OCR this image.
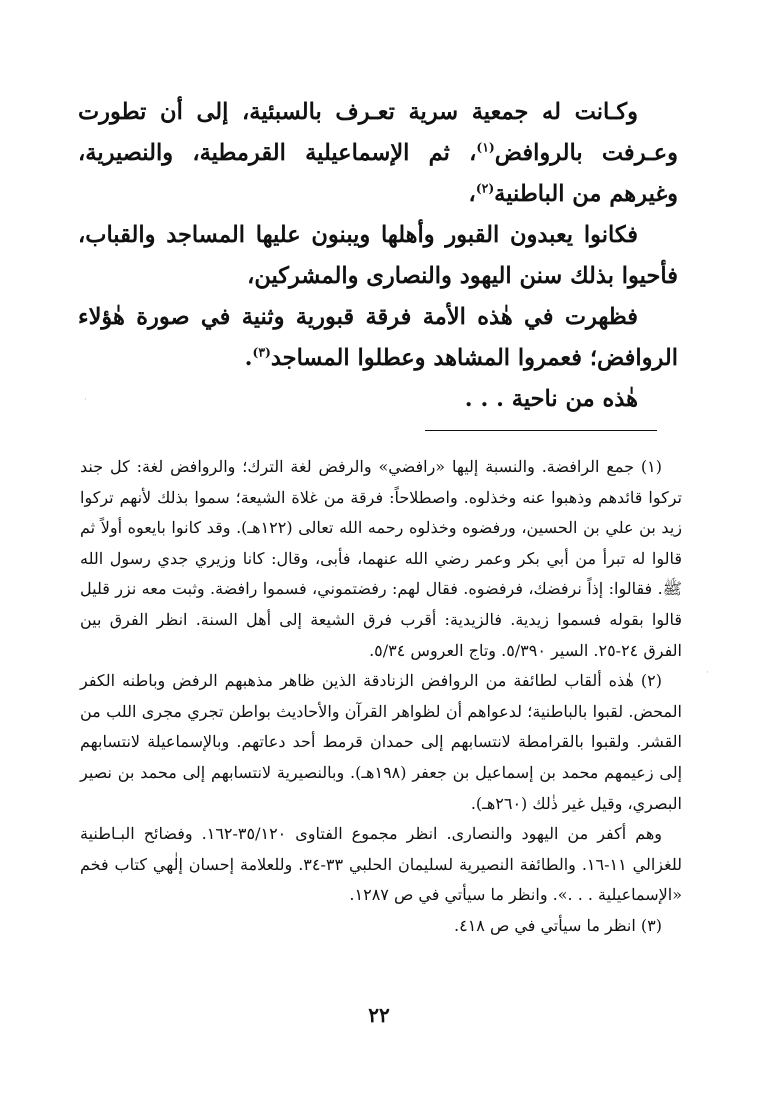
وكـانت له جمعية سرية تعـرف بالسبئية، إلى أن تطورت وعـرفت بالروافض$^{(١)}$، ثم الإسماعيلية القرمطية، والنصيرية، وغيرهم من الباطنية$^{(٢)}$،

فكانوا يعبدون القبور وأهلها ويبنون عليها المساجد والقباب، فأحيوا بذلك سنن اليهود والنصارى والمشركين،

فظهرت في هٰذه الأمة فرقة قبورية وثنية في صورة هٰؤلاء الروافض؛ فعمروا المشاهد وعطلوا المساجد$^{(٣)}$.

هٰذه من ناحية . . .

(١) جمع الرافضة. والنسبة إليها «رافضي» والرفض لغة الترك؛ والروافض لغة: كل جند تركوا قائدهم وذهبوا عنه وخذلوه. واصطلاحاً: فرقة من غلاة الشيعة؛ سموا بذلك لأنهم تركوا زيد بن علي بن الحسين، ورفضوه وخذلوه رحمه الله تعالى (١٢٢هـ). وقد كانوا بايعوه أولاً ثم قالوا له تبرأ من أبي بكر وعمر رضي الله عنهما، فأبى، وقال: كانا وزيري جدي رسول الله ﷺ. فقالوا: إذاً نرفضك، فرفضوه. فقال لهم: رفضتموني، فسموا رافضة. وثبت معه نزر قليل قالوا بقوله فسموا زيدية. فالزيدية: أقرب فرق الشيعة إلى أهل السنة. انظر الفرق بين الفرق ٢٤-٢٥. السير ٥/٣٩٠. وتاج العروس ٥/٣٤.

(٢) هٰذه ألقاب لطائفة من الروافض الزنادقة الذين ظاهر مذهبهم الرفض وباطنه الكفر المحض. لقبوا بالباطنية؛ لدعواهم أن لظواهر القرآن والأحاديث بواطن تجري مجرى اللب من القشر. ولقبوا بالقرامطة لانتسابهم إلى حمدان قرمط أحد دعاتهم. وبالإسماعيلة لانتسابهم إلى زعيمهم محمد بن إسماعيل بن جعفر (١٩٨هـ). وبالنصيرية لانتسابهم إلى محمد بن نصير البصري، وقيل غير ذٰلك (٢٦٠هـ).

وهم أكفر من اليهود والنصارى. انظر مجموع الفتاوى ٣٥/١٢٠-١٦٢. وفضائح البـاطنية للغزالي ١١-١٦. والطائفة النصيرية لسليمان الحلبي ٣٣-٣٤. وللعلامة إحسان إلٰهي كتاب فخم «الإسماعيلية . . .». وانظر ما سيأتي في ص ١٢٨٧.

(٣) انظر ما سيأتي في ص ٤١٨.

٢٢
·
·
